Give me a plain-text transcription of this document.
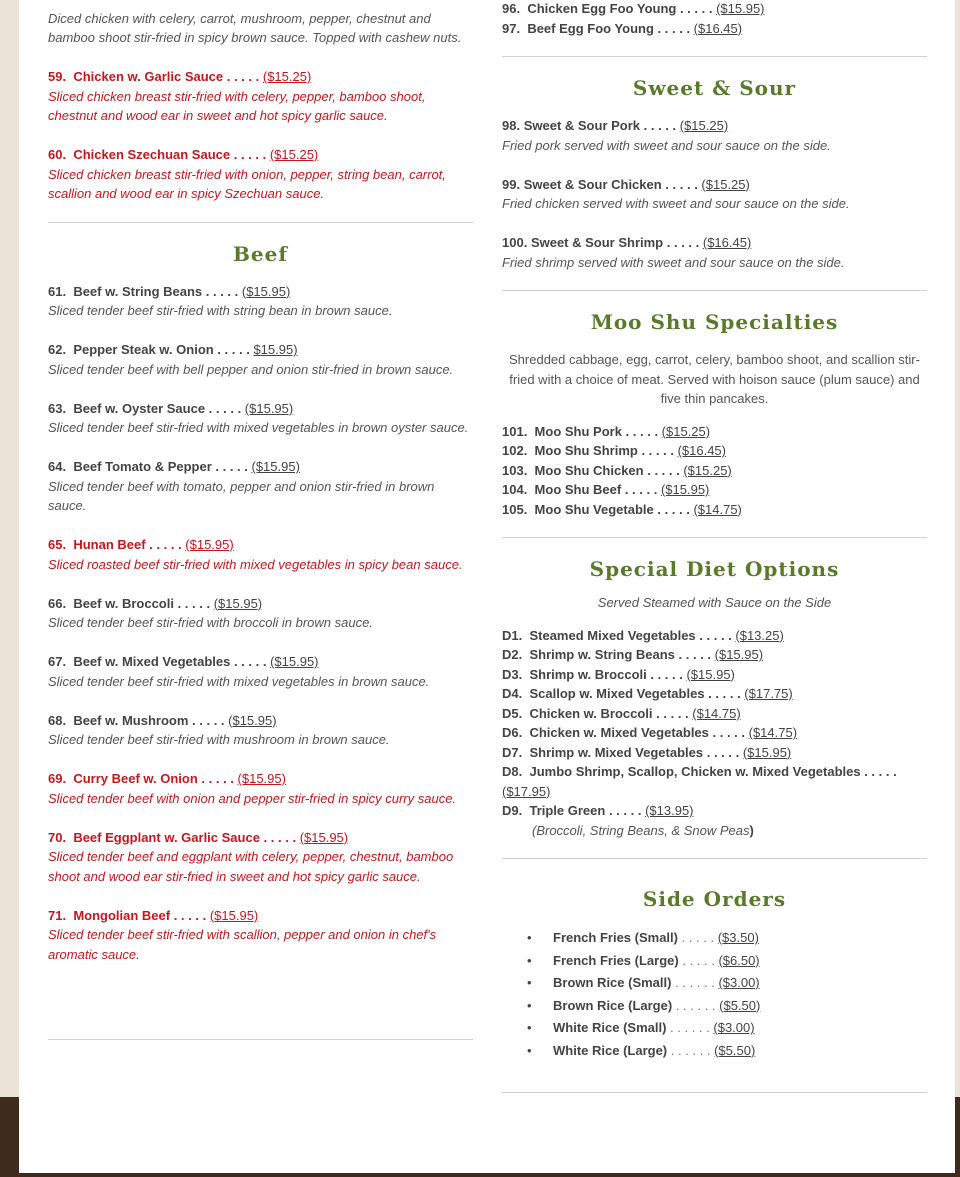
Diced chicken with celery, carrot, mushroom, pepper, chestnut and bamboo shoot stir-fried in spicy brown sauce. Topped with cashew nuts.
59. Chicken w. Garlic Sauce . . . . . ($15.25)
Sliced chicken breast stir-fried with celery, pepper, bamboo shoot, chestnut and wood ear in sweet and hot spicy garlic sauce.
60. Chicken Szechuan Sauce . . . . . ($15.25)
Sliced chicken breast stir-fried with onion, pepper, string bean, carrot, scallion and wood ear in spicy Szechuan sauce.
Beef
61. Beef w. String Beans . . . . . ($15.95)
Sliced tender beef stir-fried with string bean in brown sauce.
62. Pepper Steak w. Onion . . . . . $15.95)
Sliced tender beef with bell pepper and onion stir-fried in brown sauce.
63. Beef w. Oyster Sauce . . . . . ($15.95)
Sliced tender beef stir-fried with mixed vegetables in brown oyster sauce.
64. Beef Tomato & Pepper . . . . . ($15.95)
Sliced tender beef with tomato, pepper and onion stir-fried in brown sauce.
65. Hunan Beef . . . . . ($15.95)
Sliced roasted beef stir-fried with mixed vegetables in spicy bean sauce.
66. Beef w. Broccoli . . . . . ($15.95)
Sliced tender beef stir-fried with broccoli in brown sauce.
67. Beef w. Mixed Vegetables . . . . . ($15.95)
Sliced tender beef stir-fried with mixed vegetables in brown sauce.
68. Beef w. Mushroom . . . . . ($15.95)
Sliced tender beef stir-fried with mushroom in brown sauce.
69. Curry Beef w. Onion . . . . . ($15.95)
Sliced tender beef with onion and pepper stir-fried in spicy curry sauce.
70. Beef Eggplant w. Garlic Sauce . . . . . ($15.95)
Sliced tender beef and eggplant with celery, pepper, chestnut, bamboo shoot and wood ear stir-fried in sweet and hot spicy garlic sauce.
71. Mongolian Beef . . . . . ($15.95)
Sliced tender beef stir-fried with scallion, pepper and onion in chef's aromatic sauce.
96. Chicken Egg Foo Young . . . . . ($15.95)
97. Beef Egg Foo Young . . . . . ($16.45)
Sweet & Sour
98. Sweet & Sour Pork . . . . . ($15.25)
Fried pork served with sweet and sour sauce on the side.
99. Sweet & Sour Chicken . . . . . ($15.25)
Fried chicken served with sweet and sour sauce on the side.
100. Sweet & Sour Shrimp . . . . . ($16.45)
Fried shrimp served with sweet and sour sauce on the side.
Moo Shu Specialties

Shredded cabbage, egg, carrot, celery, bamboo shoot, and scallion stir-fried with a choice of meat. Served with hoison sauce (plum sauce) and five thin pancakes.

101. Moo Shu Pork . . . . . ($15.25)
102. Moo Shu Shrimp . . . . . ($16.45)
103. Moo Shu Chicken . . . . . ($15.25)
104. Moo Shu Beef . . . . . ($15.95)
105. Moo Shu Vegetable . . . . . ($14.75)
Special Diet Options

Served Steamed with Sauce on the Side

D1. Steamed Mixed Vegetables . . . . . ($13.25)
D2. Shrimp w. String Beans . . . . . ($15.95)
D3. Shrimp w. Broccoli . . . . . ($15.95)
D4. Scallop w. Mixed Vegetables . . . . . ($17.75)
D5. Chicken w. Broccoli . . . . . ($14.75)
D6. Chicken w. Mixed Vegetables . . . . . ($14.75)
D7. Shrimp w. Mixed Vegetables . . . . . ($15.95)
D8. Jumbo Shrimp, Scallop, Chicken w. Mixed Vegetables . . . . . ($17.95)
D9. Triple Green . . . . . ($13.95)
(Broccoli, String Beans, & Snow Peas)
Side Orders
• French Fries (Small) . . . . . ($3.50)
• French Fries (Large) . . . . . ($6.50)
• Brown Rice (Small) . . . . . . ($3.00)
• Brown Rice (Large) . . . . . . ($5.50)
• White Rice (Small) . . . . . . ($3.00)
• White Rice (Large) . . . . . . ($5.50)
